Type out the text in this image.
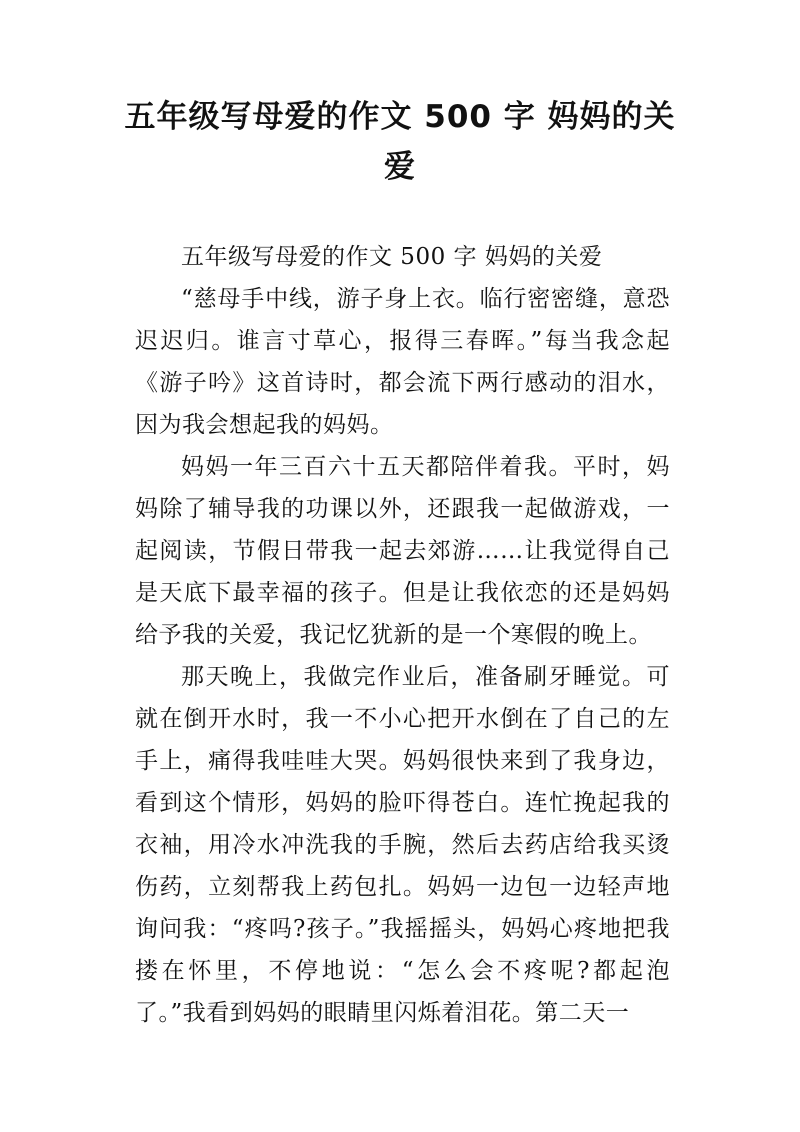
五年级写母爱的作文 500 字 妈妈的关爱

五年级写母爱的作文 500 字 妈妈的关爱

“慈母手中线，游子身上衣。临行密密缝，意恐迟迟归。谁言寸草心，报得三春晖。”每当我念起《游子吟》这首诗时，都会流下两行感动的泪水，因为我会想起我的妈妈。

妈妈一年三百六十五天都陪伴着我。平时，妈妈除了辅导我的功课以外，还跟我一起做游戏，一起阅读，节假日带我一起去郊游……让我觉得自己是天底下最幸福的孩子。但是让我依恋的还是妈妈给予我的关爱，我记忆犹新的是一个寒假的晚上。

那天晚上，我做完作业后，准备刷牙睡觉。可就在倒开水时，我一不小心把开水倒在了自己的左手上，痛得我哇哇大哭。妈妈很快来到了我身边，看到这个情形，妈妈的脸吓得苍白。连忙挽起我的衣袖，用冷水冲洗我的手腕，然后去药店给我买烫伤药，立刻帮我上药包扎。妈妈一边包一边轻声地询问我：“疼吗?孩子。”我摇摇头，妈妈心疼地把我搂在怀里，不停地说：“怎么会不疼呢?都起泡了。”我看到妈妈的眼睛里闪烁着泪花。第二天一
